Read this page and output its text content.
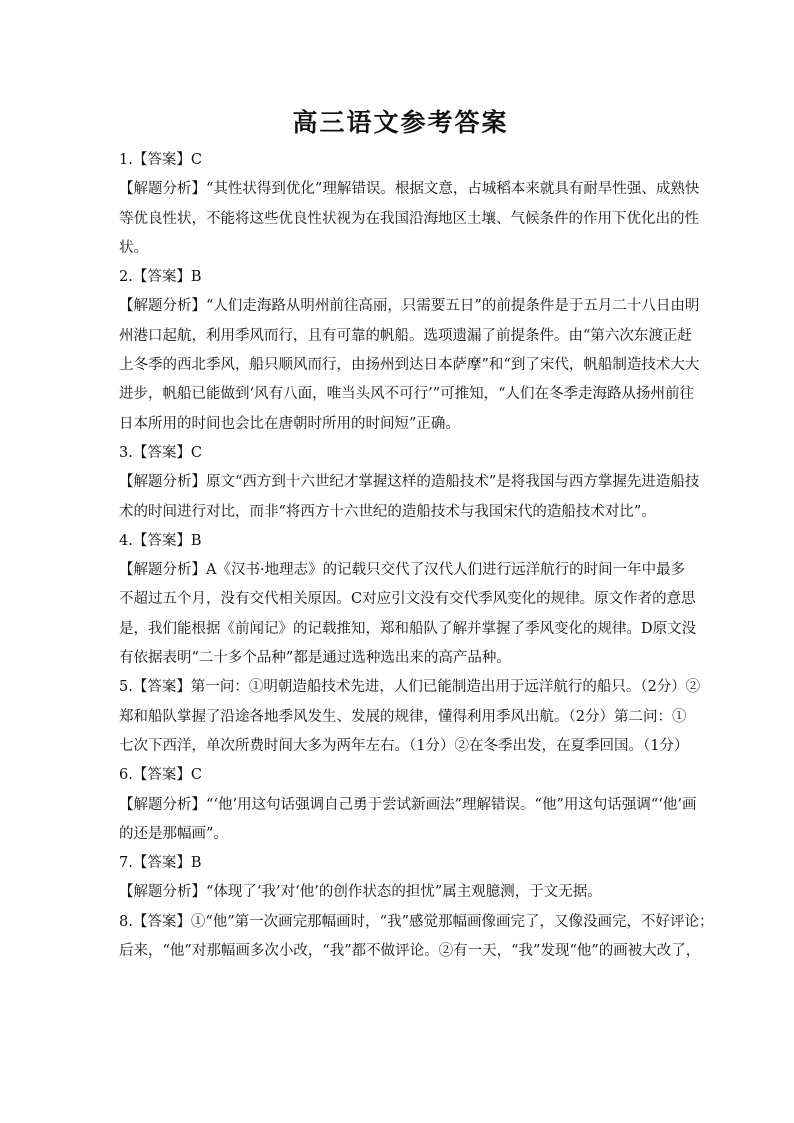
高三语文参考答案
1.【答案】C
【解题分析】“其性状得到优化”理解错误。根据文意，占城稻本来就具有耐旱性强、成熟快
等优良性状，不能将这些优良性状视为在我国沿海地区土壤、气候条件的作用下优化出的性
状。
2.【答案】B
【解题分析】“人们走海路从明州前往高丽，只需要五日”的前提条件是于五月二十八日由明
州港口起航，利用季风而行，且有可靠的帆船。选项遗漏了前提条件。由“第六次东渡正赶
上冬季的西北季风，船只顺风而行，由扬州到达日本萨摩”和“到了宋代，帆船制造技术大大
进步，帆船已能做到‘风有八面，唯当头风不可行’”可推知，“人们在冬季走海路从扬州前往
日本所用的时间也会比在唐朝时所用的时间短”正确。
3.【答案】C
【解题分析】原文“西方到十六世纪才掌握这样的造船技术”是将我国与西方掌握先进造船技
术的时间进行对比，而非“将西方十六世纪的造船技术与我国宋代的造船技术对比”。
4.【答案】B
【解题分析】A《汉书·地理志》的记载只交代了汉代人们进行远洋航行的时间一年中最多
不超过五个月，没有交代相关原因。C对应引文没有交代季风变化的规律。原文作者的意思
是，我们能根据《前闻记》的记载推知，郑和船队了解并掌握了季风变化的规律。D原文没
有依据表明“二十多个品种”都是通过选种选出来的高产品种。
5.【答案】第一问：①明朝造船技术先进，人们已能制造出用于远洋航行的船只。（2分）②
郑和船队掌握了沿途各地季风发生、发展的规律，懂得利用季风出航。（2分）第二问：①
七次下西洋，单次所费时间大多为两年左右。（1分）②在冬季出发，在夏季回国。（1分）
6.【答案】C
【解题分析】“‘他’用这句话强调自己勇于尝试新画法”理解错误。“他”用这句话强调“‘他’画
的还是那幅画”。
7.【答案】B
【解题分析】“体现了‘我’对‘他’的创作状态的担忧”属主观臆测，于文无据。
8.【答案】①“他”第一次画完那幅画时，“我”感觉那幅画像画完了，又像没画完，不好评论；
后来，“他”对那幅画多次小改，“我”都不做评论。②有一天，“我”发现“他”的画被大改了，
